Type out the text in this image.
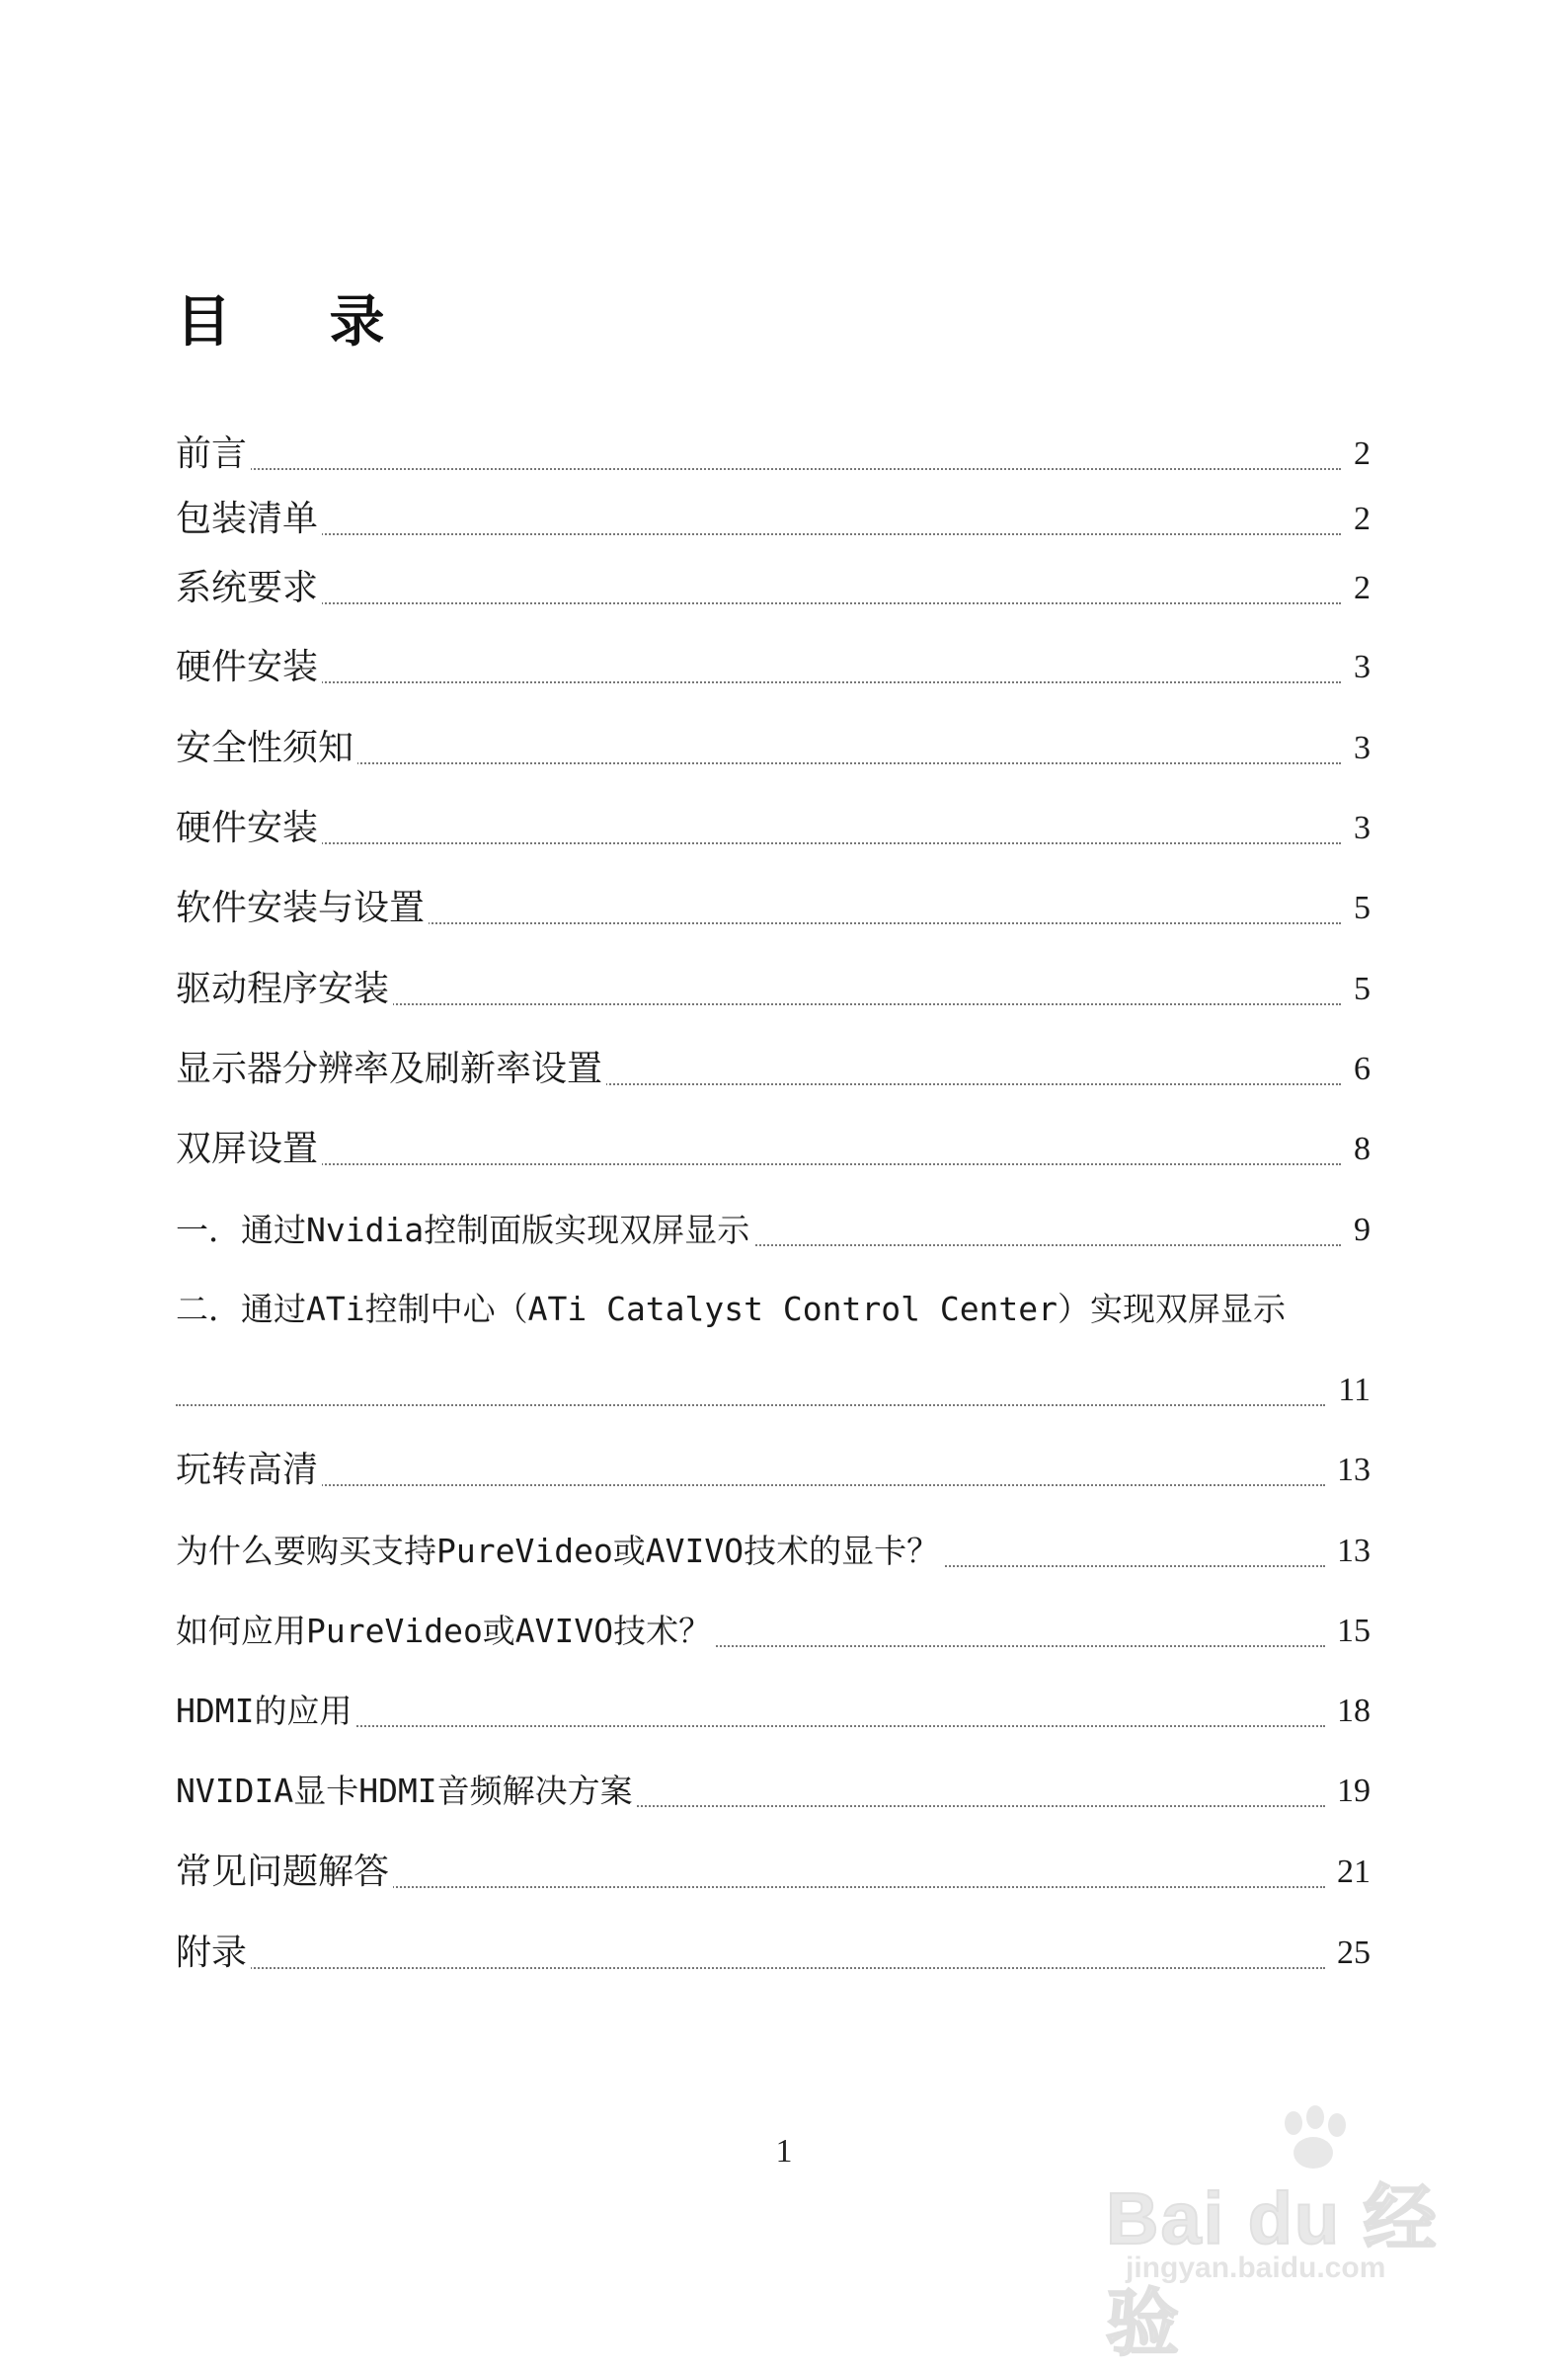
目 录
前言	2
包装清单	2
系统要求	2
硬件安装	3
安全性须知	3
硬件安装	3
软件安装与设置	5
驱动程序安装	5
显示器分辨率及刷新率设置	6
双屏设置	8
一．通过Nvidia控制面版实现双屏显示	9
二．通过ATi控制中心（ATi Catalyst Control Center）实现双屏显示
11
玩转高清	13
为什么要购买支持PureVideo或AVIVO技术的显卡？	13
如何应用PureVideo或AVIVO技术？	15
HDMI的应用	18
NVIDIA显卡HDMI音频解决方案	19
常见问题解答	21
附录	25
1
Bai du 经验
jingyan.baidu.com
